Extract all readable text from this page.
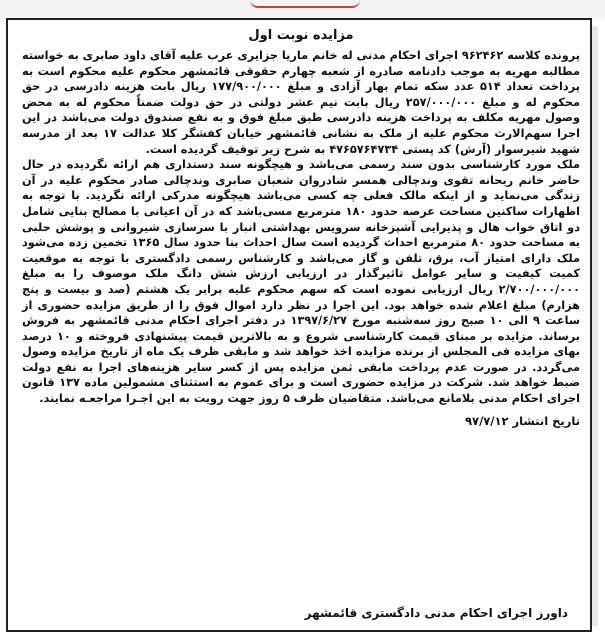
مزایده نوبت اول

پرونده کلاسه ۹۶۲۴۶۲ اجرای احکام مدنی له خانم ماریا جزایری عرب علیه آقای داود صابری به خواسته مطالبه مهریه به موجب دادنامه صادره از شعبه چهارم حقوقی قائمشهر محکوم علیه محکوم است به پرداخت تعداد ۵۱۴ عدد سکه تمام بهار آزادی و مبلغ ۱۷۷/۹۰۰/۰۰۰ ریال بابت هزینه دادرسی در حق محکوم له و مبلغ ۲۵۷/۰۰۰/۰۰۰ ریال بابت نیم عشر دولتی در حق دولت ضمناً محکوم له به محض وصول مهریه مکلف به پرداخت هزینه دادرسی طبق مبلغ فوق و به نفع صندوق دولت می‌باشد در این اجرا سهم‌الارث محکوم علیه از ملک به نشانی قائمشهر خیابان کفشگر کلا عدالت ۱۷ بعد از مدرسه شهید شیرسوار (آرش) کد پستی ۴۷۶۵۷۶۴۷۳۴ به شرح زیر توقیف گردیده است.

ملک مورد کارشناسی بدون سند رسمی می‌باشد و هیچگونه سند دستداری هم ارائه نگردیده در حال حاضر خانم ریحانه تقوی وندچالی همسر شادروان شعبان صابری وندچالی صادر محکوم علیه در آن زندگی می‌نماید و از اینکه مالک فعلی چه کسی می‌باشد هیچگونه مدرکی ارائه نگردید. با توجه به اظهارات ساکنین مساحت عرصه حدود ۱۸۰ مترمربع مسی‌باشد که در آن اعیانی با مصالح بنایی شامل دو اتاق خواب هال و پذیرایی آشپزخانه سرویس بهداشتی انبار با سرسازی شیروانی و پوشش حلبی به مساحت حدود ۸۰ مترمربع احداث گردیده است سال احداث بنا حدود سال ۱۳۶۵ تخمین زده می‌شود ملک دارای امتیاز آب، برق، تلفن و گاز می‌باشد و کارشناس رسمی دادگستری با توجه به موقعیت کمیت کیفیت و سایر عوامل تاثیرگذار در ارزیابی ارزش شش دانگ ملک موصوف را به مبلغ ۲/۷۰۰/۰۰۰/۰۰۰ ریال ارزیابی نموده است که سهم محکوم علیه برابر یک هشتم (صد و بیست و پنج هزارم) مبلغ اعلام شده خواهد بود. این اجرا در نظر دارد اموال فوق را از طریق مزایده حضوری از ساعت ۹ الی ۱۰ صبح روز سه‌شنبه مورخ ۱۳۹۷/۶/۲۷ در دفتر اجرای احکام مدنی قائمشهر به فروش برساند. مزایده بر مبنای قیمت کارشناسی شروع و به بالاترین قیمت پیشنهادی فروخته و ۱۰ درصد بهای مزایده فی المجلس از برنده مزایده اخذ خواهد شد و مابقی ظرف یک ماه از تاریخ مزایده وصول می‌گردد. در صورت عدم پرداخت مابقی ثمن مزایده پس از کسر سایر هزینه‌های اجرا به نفع دولت ضبط خواهد شد. شرکت در مزایده حضوری است و برای عموم به استثنای مشمولین ماده ۱۳۷ قانون اجرای احکام مدنی بلامانع می‌باشد. متقاضیان ظرف ۵ روز جهت رویت به این اجـرا مراجعـه نمایند.

تاریخ انتشار ۹۷/۷/۱۲
داورز اجرای احکام مدنی دادگستری قائمشهر
